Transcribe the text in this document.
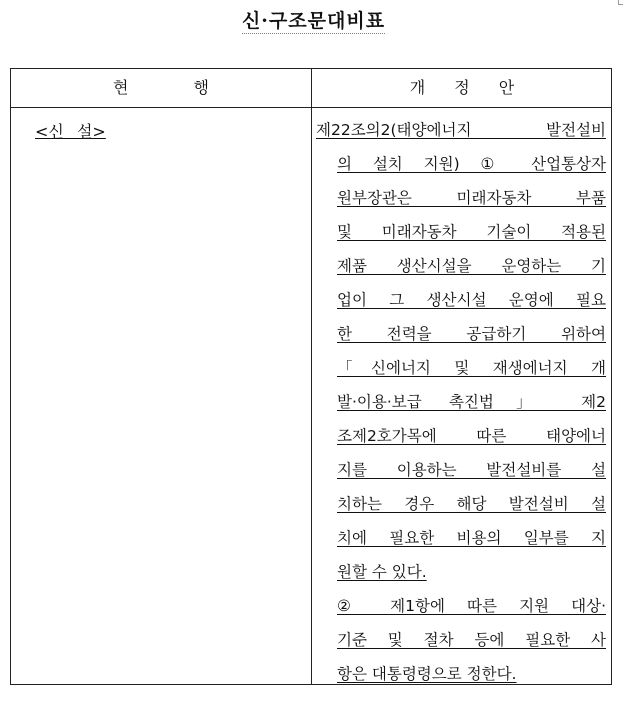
신·구조문대비표
현 행	개 정 안
<신 설>	제22조의2(태양에너지 발전설비
의 설치 지원) ① 산업통상자
원부장관은 미래자동차 부품
및 미래자동차 기술이 적용된
제품 생산시설을 운영하는 기
업이 그 생산시설 운영에 필요
한 전력을 공급하기 위하여
「신에너지 및 재생에너지 개
발·이용·보급 촉진법」 제2
조제2호가목에 따른 태양에너
지를 이용하는 발전설비를 설
치하는 경우 해당 발전설비 설
치에 필요한 비용의 일부를 지
원할 수 있다.
② 제1항에 따른 지원 대상·
기준 및 절차 등에 필요한 사
항은 대통령령으로 정한다.
